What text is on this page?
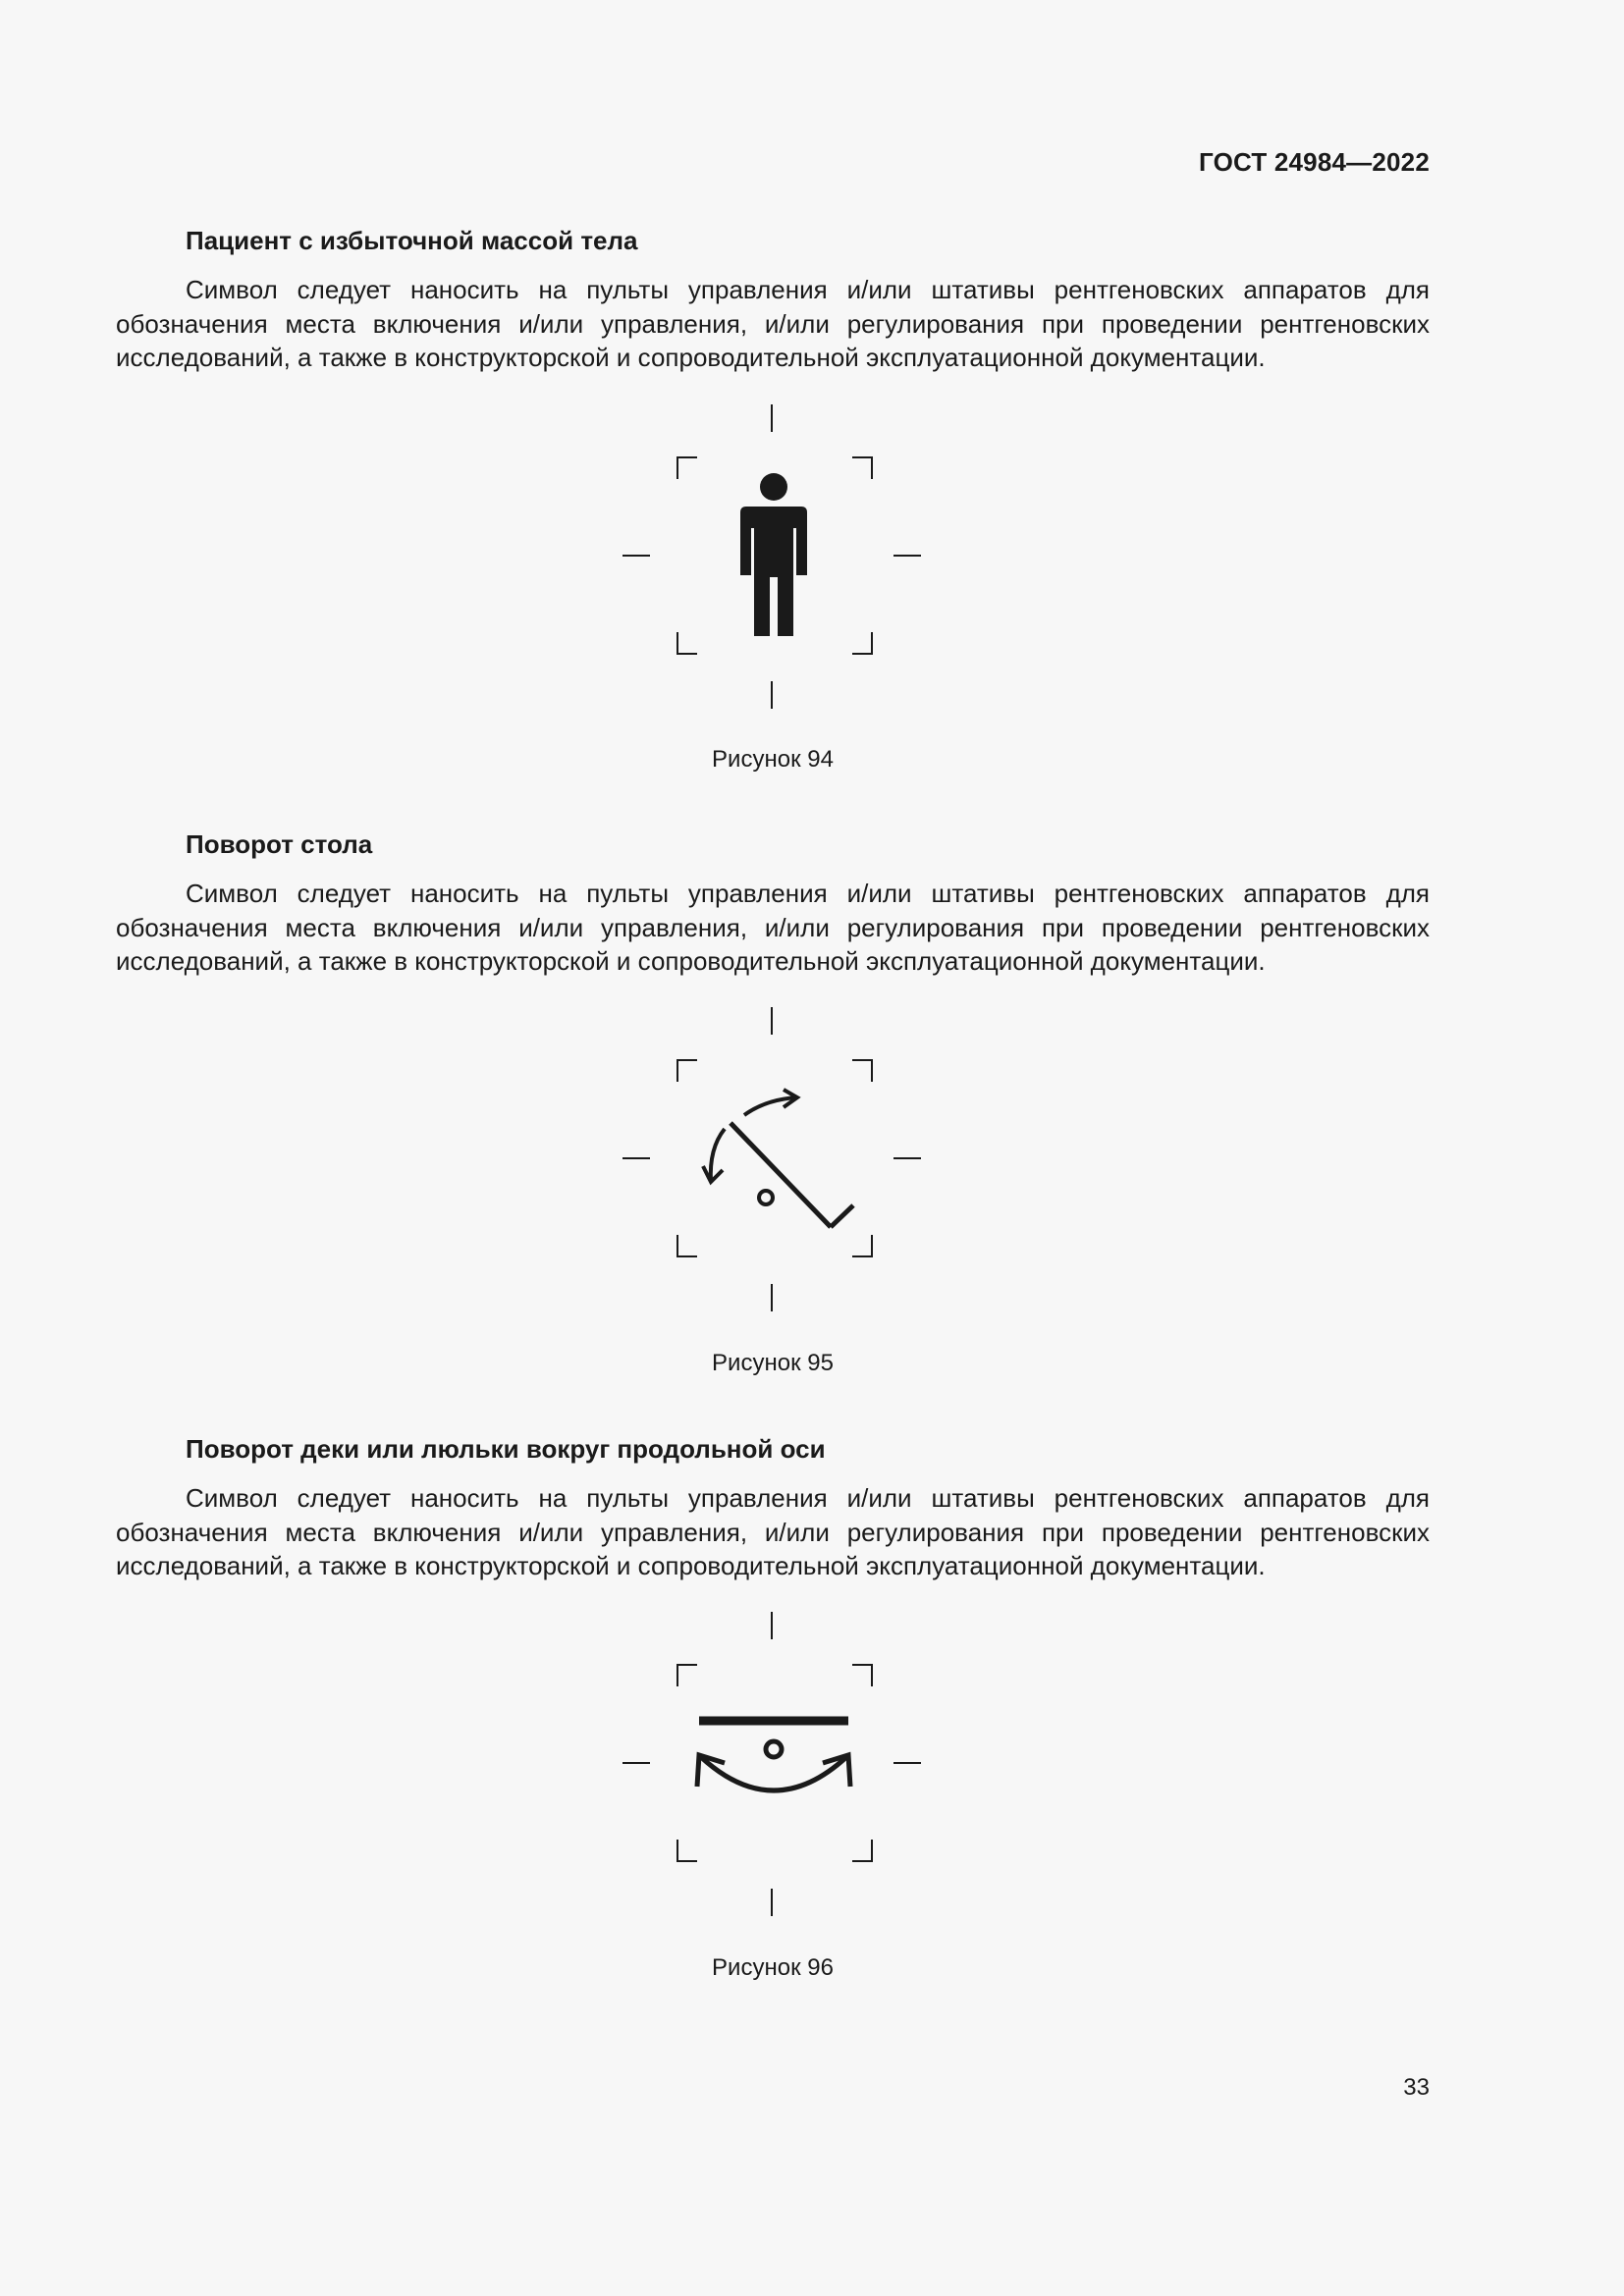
ГОСТ 24984—2022
Пациент с избыточной массой тела

Символ следует наносить на пульты управления и/или штативы рентгеновских аппаратов для обозначения места включения и/или управления, и/или регулирования при проведении рентгеновских исследований, а также в конструкторской и сопроводительной эксплуатационной документации.

Рисунок 94
Поворот стола

Символ следует наносить на пульты управления и/или штативы рентгеновских аппаратов для обозначения места включения и/или управления, и/или регулирования при проведении рентгеновских исследований, а также в конструкторской и сопроводительной эксплуатационной документации.

Рисунок 95
Поворот деки или люльки вокруг продольной оси

Символ следует наносить на пульты управления и/или штативы рентгеновских аппаратов для обозначения места включения и/или управления, и/или регулирования при проведении рентгеновских исследований, а также в конструкторской и сопроводительной эксплуатационной документации.

Рисунок 96
33
